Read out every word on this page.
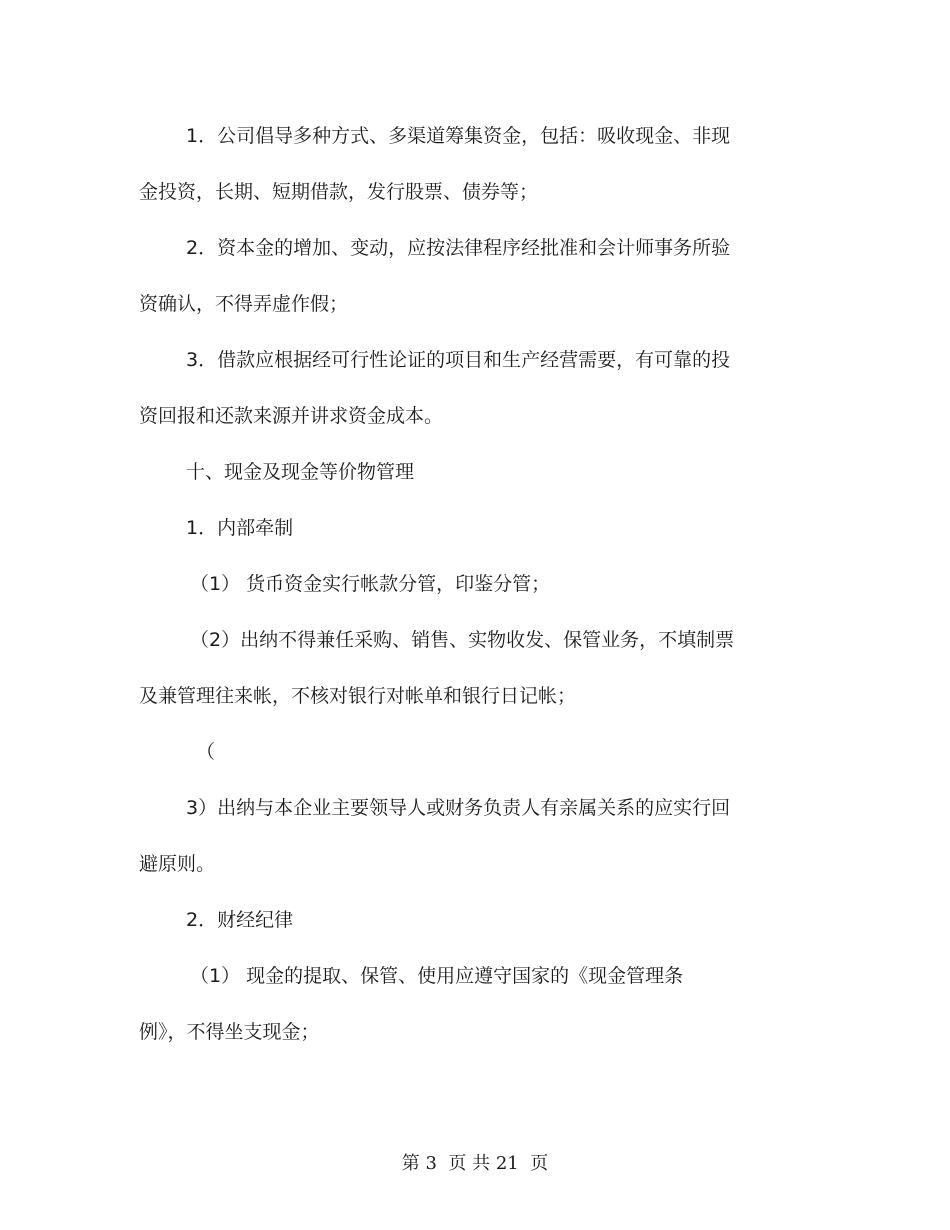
1．公司倡导多种方式、多渠道筹集资金，包括：吸收现金、非现
金投资，长期、短期借款，发行股票、债券等；
2．资本金的增加、变动，应按法律程序经批准和会计师事务所验
资确认，不得弄虚作假；
3．借款应根据经可行性论证的项目和生产经营需要，有可靠的投
资回报和还款来源并讲求资金成本。
十、现金及现金等价物管理
1．内部牵制
（1） 货币资金实行帐款分管，印鉴分管；
（2）出纳不得兼任采购、销售、实物收发、保管业务，不填制票
及兼管理往来帐，不核对银行对帐单和银行日记帐；
（
3）出纳与本企业主要领导人或财务负责人有亲属关系的应实行回
避原则。
2．财经纪律
（1） 现金的提取、保管、使用应遵守国家的《现金管理条
例》，不得坐支现金；
第 3  页 共 21  页
